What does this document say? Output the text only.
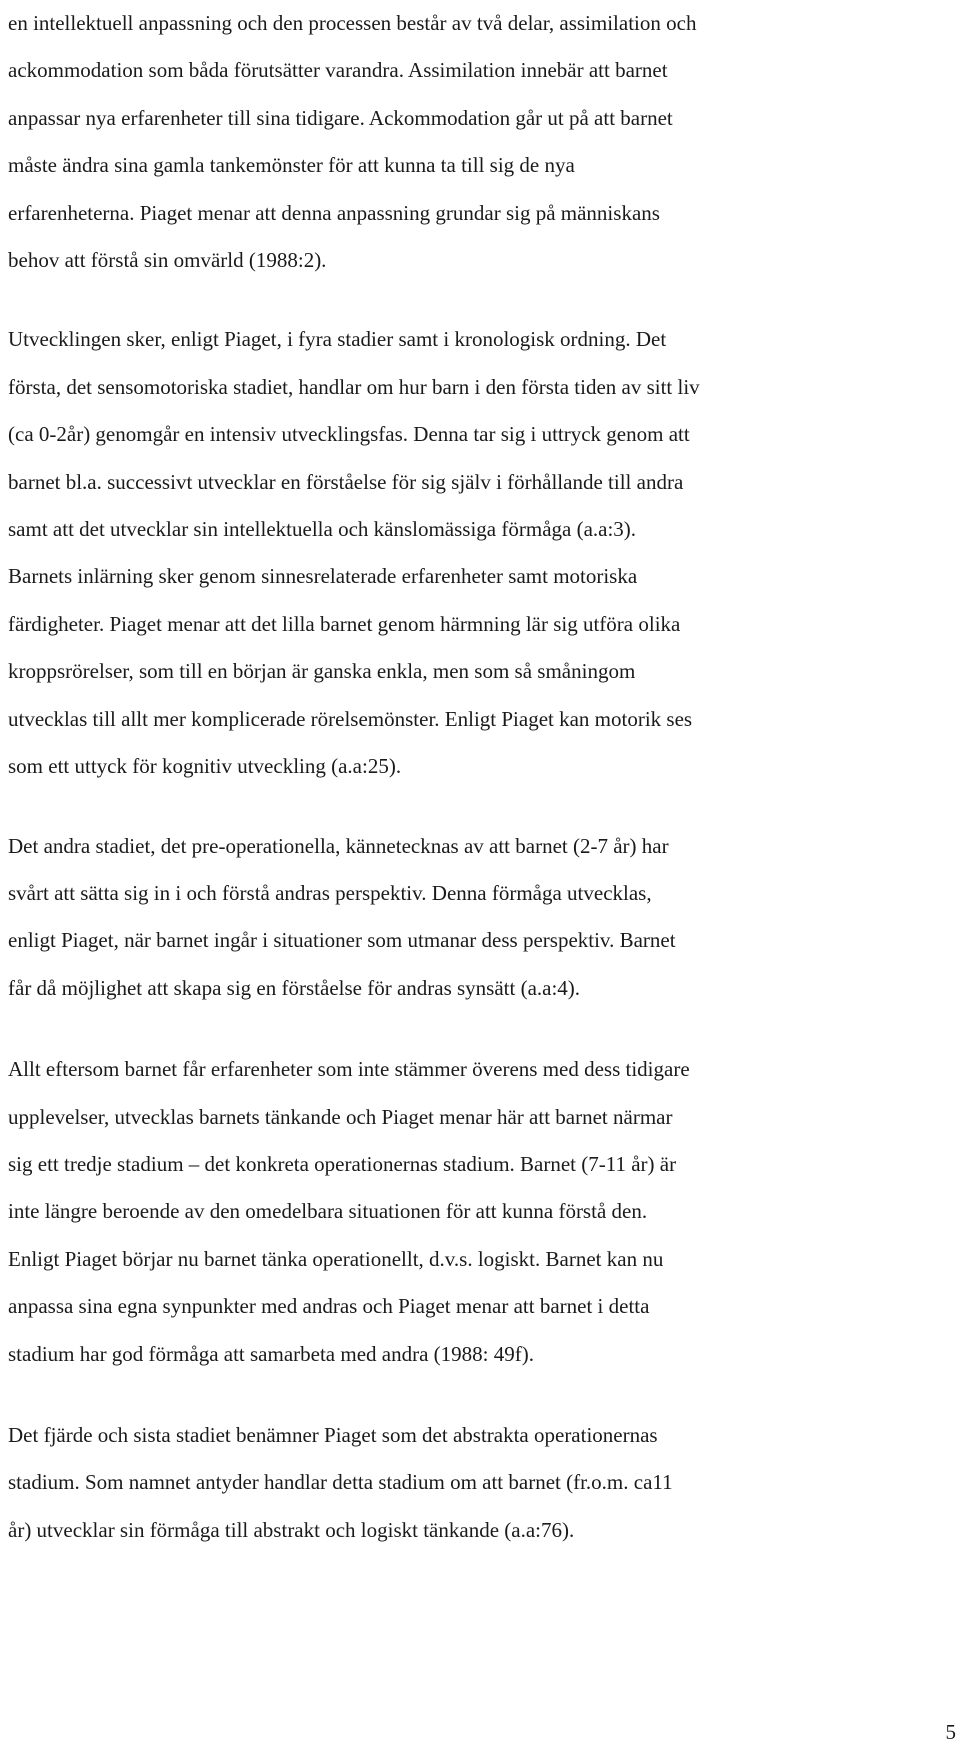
en intellektuell anpassning och den processen består av två delar, assimilation och
ackommodation som båda förutsätter varandra. Assimilation innebär att barnet
anpassar nya erfarenheter till sina tidigare. Ackommodation går ut på att barnet
måste ändra sina gamla tankemönster för att kunna ta till sig de nya
erfarenheterna. Piaget menar att denna anpassning grundar sig på människans
behov att förstå sin omvärld (1988:2).

Utvecklingen sker, enligt Piaget, i fyra stadier samt i kronologisk ordning. Det
första, det sensomotoriska stadiet, handlar om hur barn i den första tiden av sitt liv
(ca 0-2år) genomgår en intensiv utvecklingsfas. Denna tar sig i uttryck genom att
barnet bl.a. successivt utvecklar en förståelse för sig själv i förhållande till andra
samt att det utvecklar sin intellektuella och känslomässiga förmåga (a.a:3).
Barnets inlärning sker genom sinnesrelaterade erfarenheter samt motoriska
färdigheter. Piaget menar att det lilla barnet genom härmning lär sig utföra olika
kroppsrörelser, som till en början är ganska enkla, men som så småningom
utvecklas till allt mer komplicerade rörelsemönster. Enligt Piaget kan motorik ses
som ett uttyck för kognitiv utveckling (a.a:25).

Det andra stadiet, det pre-operationella, kännetecknas av att barnet (2-7 år) har
svårt att sätta sig in i och förstå andras perspektiv. Denna förmåga utvecklas,
enligt Piaget, när barnet ingår i situationer som utmanar dess perspektiv. Barnet
får då möjlighet att skapa sig en förståelse för andras synsätt (a.a:4).

Allt eftersom barnet får erfarenheter som inte stämmer överens med dess tidigare
upplevelser, utvecklas barnets tänkande och Piaget menar här att barnet närmar
sig ett tredje stadium – det konkreta operationernas stadium. Barnet (7-11 år) är
inte längre beroende av den omedelbara situationen för att kunna förstå den.
Enligt Piaget börjar nu barnet tänka operationellt, d.v.s. logiskt. Barnet kan nu
anpassa sina egna synpunkter med andras och Piaget menar att barnet i detta
stadium har god förmåga att samarbeta med andra (1988: 49f).

Det fjärde och sista stadiet benämner Piaget som det abstrakta operationernas
stadium. Som namnet antyder handlar detta stadium om att barnet (fr.o.m. ca11
år) utvecklar sin förmåga till abstrakt och logiskt tänkande (a.a:76).

5
